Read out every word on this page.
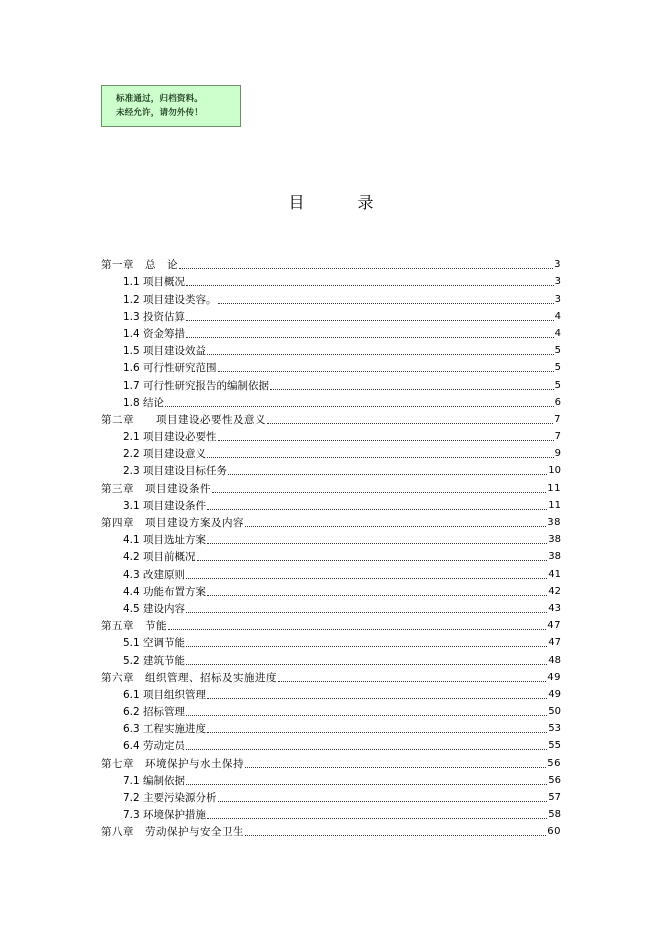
标准通过，归档资料。
未经允许，请勿外传！
目 录
第一章　总　论	3
1.1 项目概况	3
1.2 项目建设类容。	3
1.3 投资估算	4
1.4 资金筹措	4
1.5 项目建设效益	5
1.6 可行性研究范围	5
1.7 可行性研究报告的编制依据	5
1.8 结论	6
第二章　　项目建设必要性及意义	7
2.1 项目建设必要性	7
2.2 项目建设意义	9
2.3 项目建设目标任务	10
第三章　项目建设条件	11
3.1 项目建设条件	11
第四章　项目建设方案及内容	38
4.1 项目选址方案	38
4.2 项目前概况	38
4.3 改建原则	41
4.4 功能布置方案	42
4.5 建设内容	43
第五章　节能	47
5.1 空调节能	47
5.2 建筑节能	48
第六章　组织管理、招标及实施进度	49
6.1 项目组织管理	49
6.2 招标管理	50
6.3 工程实施进度	53
6.4 劳动定员	55
第七章　环境保护与水土保持	56
7.1 编制依据	56
7.2 主要污染源分析	57
7.3 环境保护措施	58
第八章　劳动保护与安全卫生	60
